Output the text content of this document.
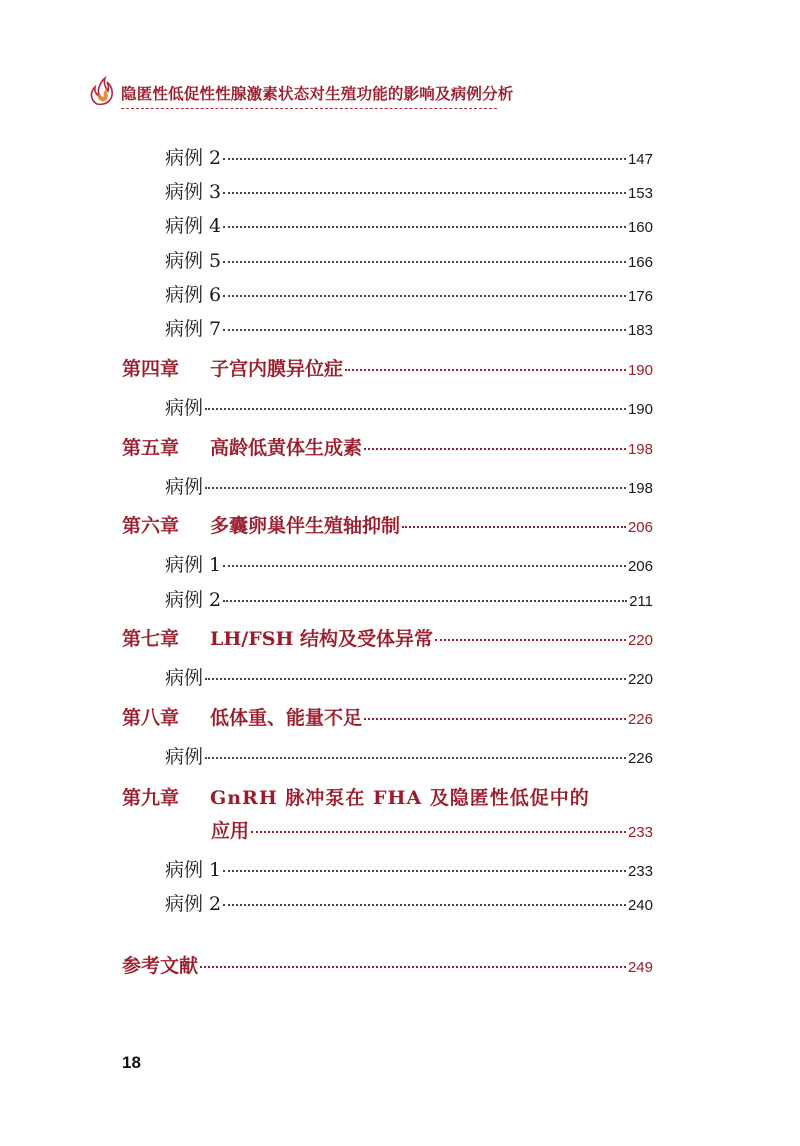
隐匿性低促性性腺激素状态对生殖功能的影响及病例分析
病例 2	147
病例 3	153
病例 4	160
病例 5	166
病例 6	176
病例 7	183
第四章 子宫内膜异位症	190
病例	190
第五章 高龄低黄体生成素	198
病例	198
第六章 多囊卵巢伴生殖轴抑制	206
病例 1	206
病例 2	211
第七章 LH/FSH 结构及受体异常	220
病例	220
第八章 低体重、能量不足	226
病例	226
第九章 GnRH 脉冲泵在 FHA 及隐匿性低促中的
应用	233
病例 1	233
病例 2	240
参考文献	249
18
